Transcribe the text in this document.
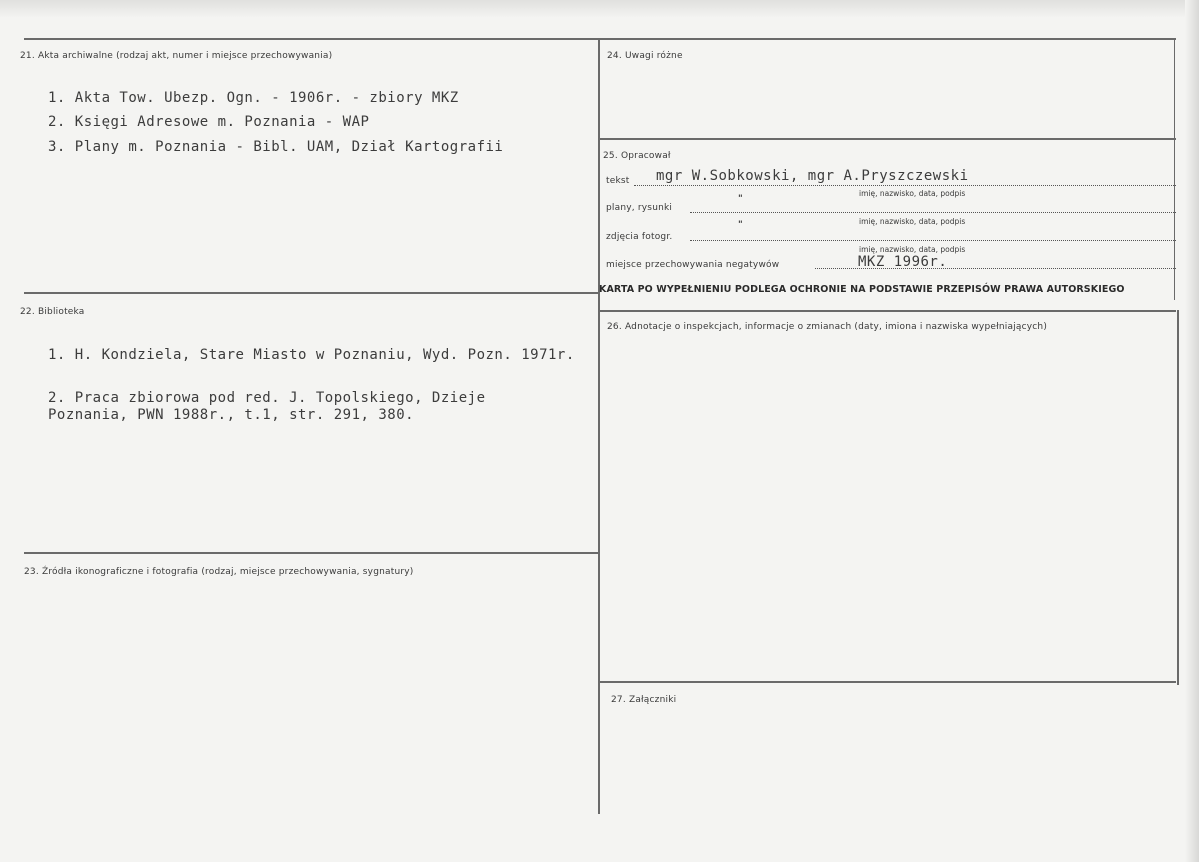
21. Akta archiwalne (rodzaj akt, numer i miejsce przechowywania)
1. Akta Tow. Ubezp. Ogn. - 1906r. - zbiory MKZ
2. Księgi Adresowe m. Poznania - WAP
3. Plany m. Poznania - Bibl. UAM, Dział Kartografii
22. Biblioteka
1. H. Kondziela, Stare Miasto w Poznaniu, Wyd. Pozn. 1971r.
2. Praca zbiorowa pod red. J. Topolskiego, Dzieje Poznania, PWN 1988r., t.1, str. 291, 380.
23. Źródła ikonograficzne i fotografia (rodzaj, miejsce przechowywania, sygnatury)
24. Uwagi różne
25. Opracował
tekst mgr W.Sobkowski, mgr A.Pryszczewski
imię, nazwisko, data, podpis
plany, rysunki
"
imię, nazwisko, data, podpis
zdjęcia fotogr.
"
imię, nazwisko, data, podpis
miejsce przechowywania negatywów	MKZ 1996r.
KARTA PO WYPEŁNIENIU PODLEGA OCHRONIE NA PODSTAWIE PRZEPISÓW PRAWA AUTORSKIEGO
26. Adnotacje o inspekcjach, informacje o zmianach (daty, imiona i nazwiska wypełniających)
27. Załączniki
